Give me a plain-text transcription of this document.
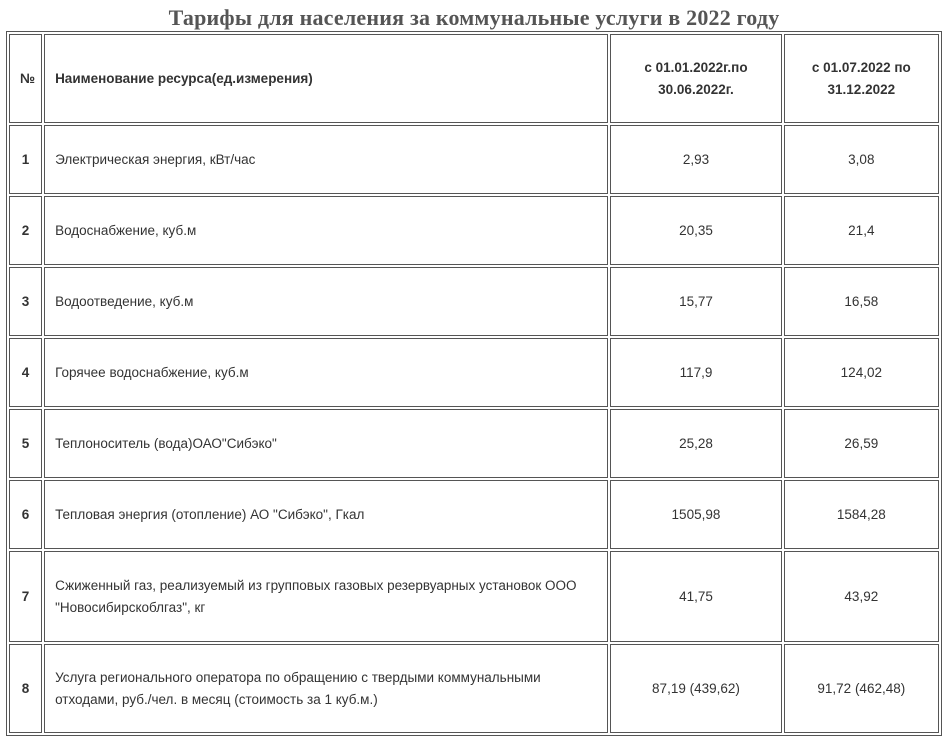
Тарифы для населения за коммунальные услуги в 2022 году
№	Наименование ресурса(ед.измерения)	с 01.01.2022г.по 30.06.2022г.	с 01.07.2022 по 31.12.2022
1	Электрическая энергия, кВт/час	2,93	3,08
2	Водоснабжение, куб.м	20,35	21,4
3	Водоотведение, куб.м	15,77	16,58
4	Горячее водоснабжение, куб.м	117,9	124,02
5	Теплоноситель (вода)ОАО"Сибэко"	25,28	26,59
6	Тепловая энергия (отопление) АО "Сибэко", Гкал	1505,98	1584,28
7	Сжиженный газ, реализуемый из групповых газовых резервуарных установок ООО "Новосибирскоблгаз", кг	41,75	43,92
8	Услуга регионального оператора по обращению с твердыми коммунальными отходами, руб./чел. в месяц (стоимость за 1 куб.м.)	87,19 (439,62)	91,72 (462,48)
